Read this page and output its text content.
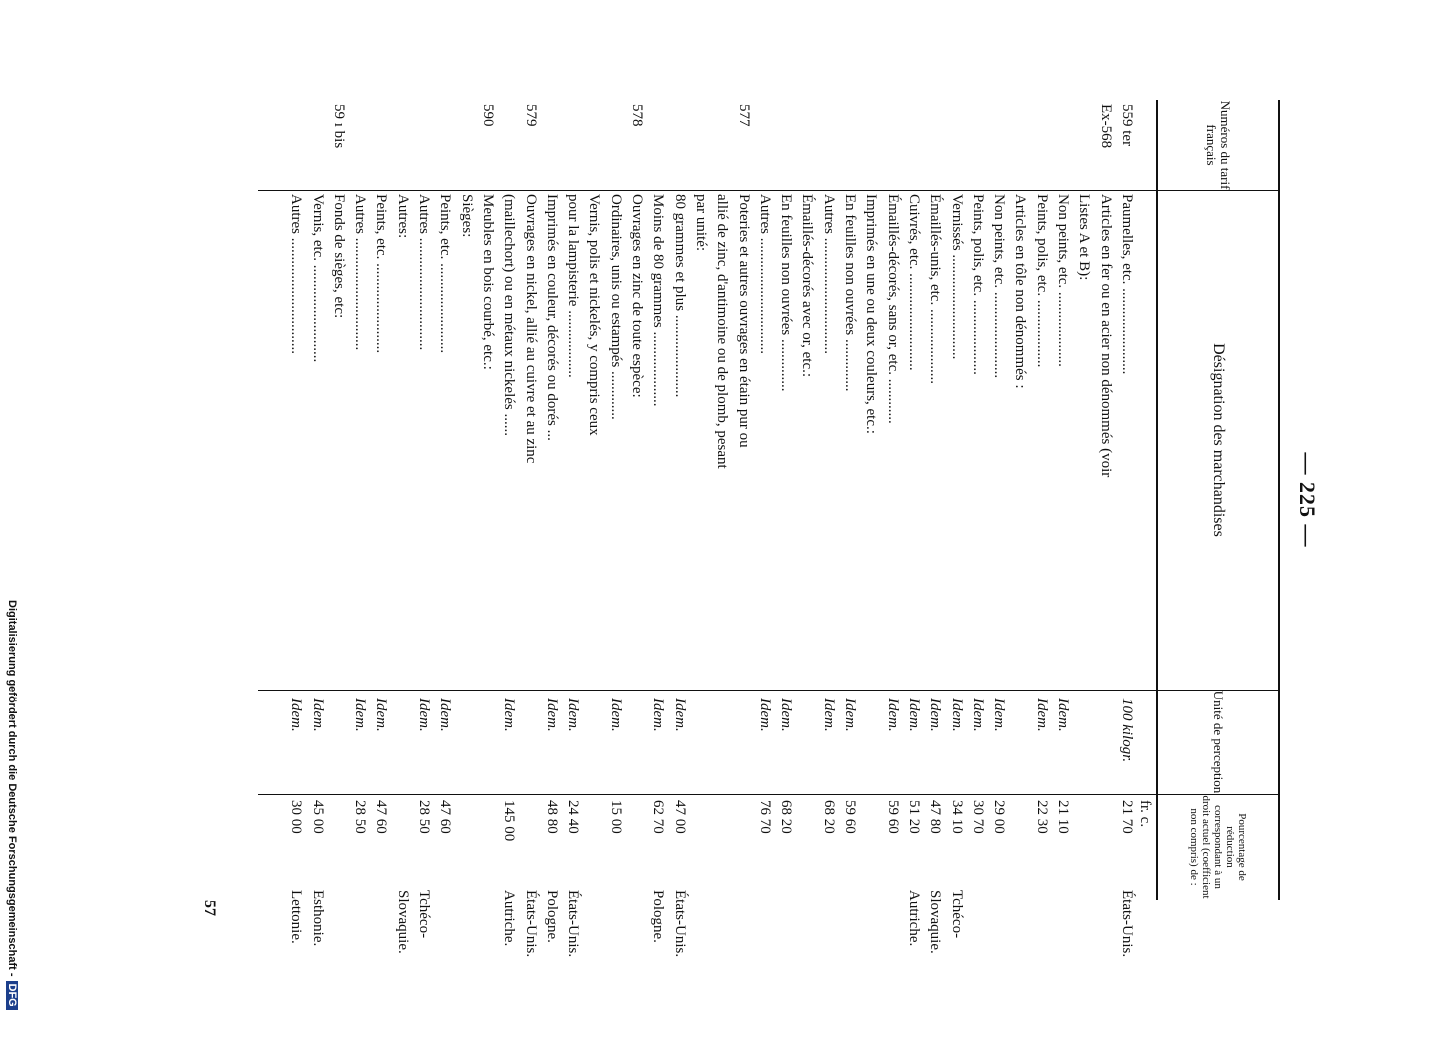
— 225 —
Numéros du tarif français
Désignation des marchandises
Unité de perception
Pourcentage de réduction correspondant à un droit actuel (coefficient non compris) de :
fr. c.
559 ter
Paumelles, etc. .......................
100 kilogr.
21 70
États-Unis.
Ex-568
Articles en fer ou en acier non dénommés (voir
Listes A et B):
Non peints, etc. ....................
Idem.
21 10
Peints, polis, etc. ..................
Idem.
22 30
Articles en tôle non dénommés :
Non peints, etc. .......................
Idem.
29 00
Peints, polis, etc. ....................
Idem.
30 70
Vernissés ............................
Idem.
34 10
Tchéco-
Émaillés-unis, etc. ....................
Idem.
47 80
Slovaquie.
Cuivrés, etc. ..........................
Idem.
51 20
Autriche.
Émaillés-décorés, sans or, etc. ............
Idem.
59 60
Imprimés en une ou deux couleurs, etc.:
En feuilles non ouvrées ..............
Idem.
59 60
Autres ...............................
Idem.
68 20
Émaillés-décorés avec or, etc.:
En feuilles non ouvrées ..............
Idem.
68 20
Autres ...............................
Idem.
76 70
577
Poteries et autres ouvrages en étain pur ou
allié de zinc, d'antimoine ou de plomb, pesant
par unité:
80 grammes et plus ......................
Idem.
47 00
États-Unis.
Moins de 80 grammes ....................
Idem.
62 70
Pologne.
578
Ouvrages en zinc de toute espèce:
Ordinaires, unis ou estampés .............
Idem.
15 00
Vernis, polis et nickelés, y compris ceux
pour la lampisterie ..................
Idem.
24 40
États-Unis.
Imprimés en couleur, décorés ou dorés ...
Idem.
48 80
Pologne.
579
Ouvrages en nickel, allié au cuivre et au zinc
États-Unis.
(maillechort) ou en métaux nickelés ......
Idem.
145 00
Autriche.
590
Meubles en bois courbé, etc.:
Sièges:
Peints, etc. ........................
Idem.
47 60
Autres ..............................
Idem.
28 50
Tchéco-
Autres:
Slovaquie.
Peints, etc. ........................
Idem.
47 60
Autres ..............................
Idem.
28 50
59 ı bis
Fonds de sièges, etc:
Vernis, etc. ..........................
Idem.
45 00
Esthonie.
Autres ...............................
Idem.
30 00
Lettonie.
57
Digitalisierung gefördert durch die Deutsche Forschungsgemeinschaft -DFG
